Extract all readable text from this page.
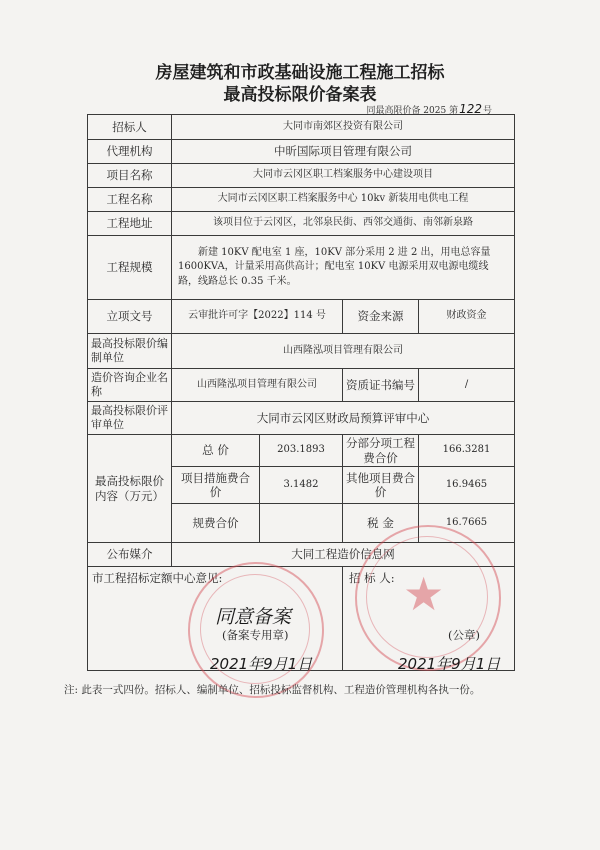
房屋建筑和市政基础设施工程施工招标
最高投标限价备案表
同最高限价备 2025 第122号
招标人	大同市南郊区投资有限公司			
代理机构	中昕国际项目管理有限公司			
项目名称	大同市云冈区职工档案服务中心建设项目			
工程名称	大同市云冈区职工档案服务中心 10kv 新装用电供电工程			
工程地址	该项目位于云冈区，北邻泉民街、西邻交通街、南邻新泉路			
工程规模	新建 10KV 配电室 1 座，10KV 部分采用 2 进 2 出，用电总容量 1600KVA，计量采用高供高计；配电室 10KV 电源采用双电源电缆线路，线路总长 0.35 千米。			
立项文号	云审批许可字【2022】114 号		资金来源	财政资金
最高投标限价编制单位	山西隆泓项目管理有限公司			
造价咨询企业名称	山西隆泓项目管理有限公司		资质证书编号	/
最高投标限价评审单位	大同市云冈区财政局预算评审中心			
最高投标限价内容（万元）	总 价	203.1893	分部分项工程费合价	166.3281
	项目措施费合 价	3.1482	其他项目费合价	16.9465
	规费合价		税 金	16.7665
公布媒介	大同工程造价信息网			

市工程招标定额中心意见:			招 标 人:	★
同意备案
(备案专用章)	(公章)
2021年9月1日	2021年9月1日
注: 此表一式四份。招标人、编制单位、招标投标监督机构、工程造价管理机构各执一份。
